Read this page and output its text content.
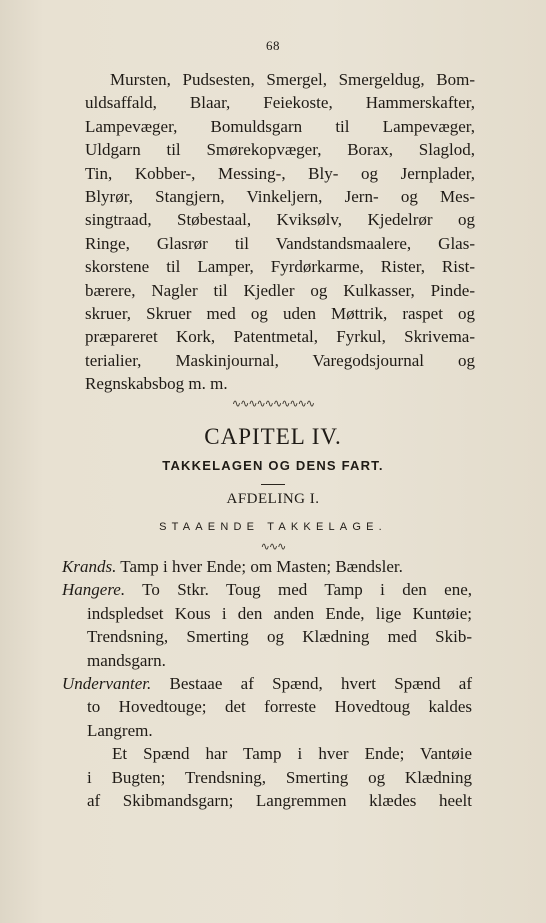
68
Mursten, Pudsesten, Smergel, Smergeldug, Bom-
uldsaffald, Blaar, Feiekoste, Hammerskafter,
Lampevæger, Bomuldsgarn til Lampevæger,
Uldgarn til Smørekopvæger, Borax, Slaglod,
Tin, Kobber-, Messing-, Bly- og Jernplader,
Blyrør, Stangjern, Vinkeljern, Jern- og Mes-
singtraad, Støbestaal, Kviksølv, Kjedelrør og
Ringe, Glasrør til Vandstandsmaalere, Glas-
skorstene til Lamper, Fyrdørkarme, Rister, Rist-
bærere, Nagler til Kjedler og Kulkasser, Pinde-
skruer, Skruer med og uden Møttrik, raspet og
præpareret Kork, Patentmetal, Fyrkul, Skrivema-
terialier, Maskinjournal, Varegodsjournal og
Regnskabsbog m. m.
∿∿∿∿∿∿∿∿∿∿
CAPITEL IV.
TAKKELAGEN OG DENS FART.
AFDELING I.
STAAENDE TAKKELAGE.
∿∿∿
Krands. Tamp i hver Ende; om Masten; Bændsler.
Hangere. To Stkr. Toug med Tamp i den ene,
indspledset Kous i den anden Ende, lige Kuntøie;
Trendsning, Smerting og Klædning med Skib-
mandsgarn.
Undervanter. Bestaae af Spænd, hvert Spænd af
to Hovedtouge; det forreste Hovedtoug kaldes
Langrem.
Et Spænd har Tamp i hver Ende; Vantøie
i Bugten; Trendsning, Smerting og Klædning
af Skibmandsgarn; Langremmen klædes heelt
